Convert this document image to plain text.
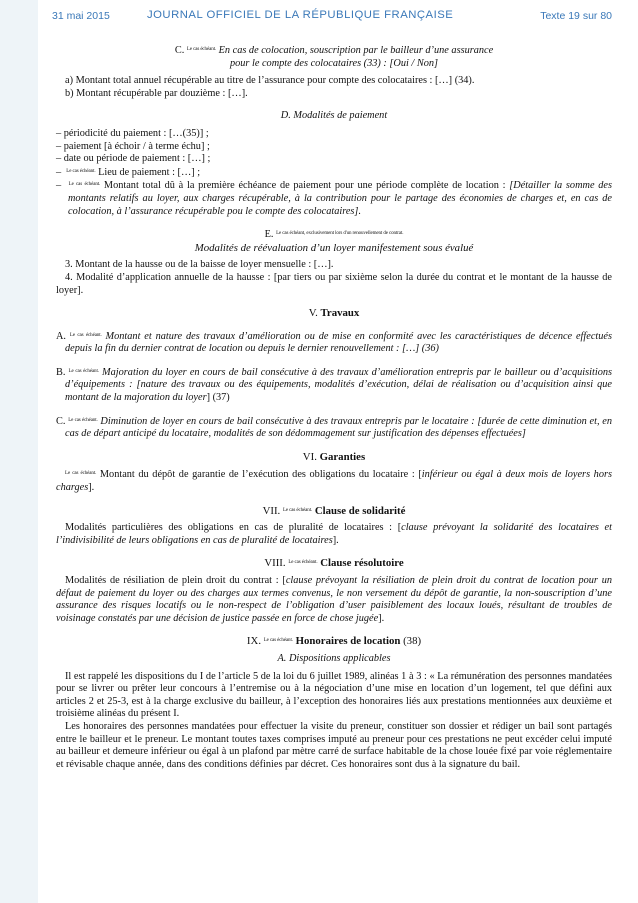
31 mai 2015	JOURNAL OFFICIEL DE LA RÉPUBLIQUE FRANÇAISE	Texte 19 sur 80

C. $^{Le cas échéant.}$ En cas de colocation, souscription par le bailleur d’une assurance

pour le compte des colocataires (33) : [Oui / Non]

a) Montant total annuel récupérable au titre de l’assurance pour compte des colocataires : […] (34).

b) Montant récupérable par douzième : […].

D. Modalités de paiement

– périodicité du paiement : […(35)] ;

– paiement [à échoir / à terme échu] ;

– date ou période de paiement : […] ;

–  $^{Le cas échéant.}$ Lieu de paiement : […] ;

–  $^{Le cas échéant.}$ Montant total dû à la première échéance de paiement pour une période complète de location : [Détailler la somme des montants relatifs au loyer, aux charges récupérable, à la contribution pour le partage des économies de charges et, en cas de colocation, à l’assurance récupérable pou le compte des colocataires].

E. $^{Le cas échéant, exclusivement lors d'un renouvellement de contrat.}$

Modalités de réévaluation d’un loyer manifestement sous évalué

3. Montant de la hausse ou de la baisse de loyer mensuelle : […].

4. Modalité d’application annuelle de la hausse : [par tiers ou par sixième selon la durée du contrat et le montant de la hausse de loyer].

V. Travaux

A. $^{Le cas échéant.}$ Montant et nature des travaux d’amélioration ou de mise en conformité avec les caractéristiques de décence effectués depuis la fin du dernier contrat de location ou depuis le dernier renouvellement : […] (36)

B. $^{Le cas échéant.}$ Majoration du loyer en cours de bail consécutive à des travaux d’amélioration entrepris par le bailleur ou d’acquisitions d’équipements : [nature des travaux ou des équipements, modalités d’exécution, délai de réalisation ou d’acquisition ainsi que montant de la majoration du loyer] (37)

C. $^{Le cas échéant.}$ Diminution de loyer en cours de bail consécutive à des travaux entrepris par le locataire : [durée de cette diminution et, en cas de départ anticipé du locataire, modalités de son dédommagement sur justification des dépenses effectuées]

VI. Garanties

$^{Le cas échéant.}$ Montant du dépôt de garantie de l’exécution des obligations du locataire : [inférieur ou égal à deux mois de loyers hors charges].

VII. $^{Le cas échéant.}$ Clause de solidarité

Modalités particulières des obligations en cas de pluralité de locataires : [clause prévoyant la solidarité des locataires et l’indivisibilité de leurs obligations en cas de pluralité de locataires].

VIII. $^{Le cas échéant.}$ Clause résolutoire

Modalités de résiliation de plein droit du contrat : [clause prévoyant la résiliation de plein droit du contrat de location pour un défaut de paiement du loyer ou des charges aux termes convenus, le non versement du dépôt de garantie, la non-souscription d’une assurance des risques locatifs ou le non-respect de l’obligation d’user paisiblement des locaux loués, résultant de troubles de voisinage constatés par une décision de justice passée en force de chose jugée].

IX. $^{Le cas échéant.}$ Honoraires de location (38)

A. Dispositions applicables

Il est rappelé les dispositions du I de l’article 5 de la loi du 6 juillet 1989, alinéas 1 à 3 : « La rémunération des personnes mandatées pour se livrer ou prêter leur concours à l’entremise ou à la négociation d’une mise en location d’un logement, tel que défini aux articles 2 et 25-3, est à la charge exclusive du bailleur, à l’exception des honoraires liés aux prestations mentionnées aux deuxième et troisième alinéas du présent I.

Les honoraires des personnes mandatées pour effectuer la visite du preneur, constituer son dossier et rédiger un bail sont partagés entre le bailleur et le preneur. Le montant toutes taxes comprises imputé au preneur pour ces prestations ne peut excéder celui imputé au bailleur et demeure inférieur ou égal à un plafond par mètre carré de surface habitable de la chose louée fixé par voie réglementaire et révisable chaque année, dans des conditions définies par décret. Ces honoraires sont dus à la signature du bail.
